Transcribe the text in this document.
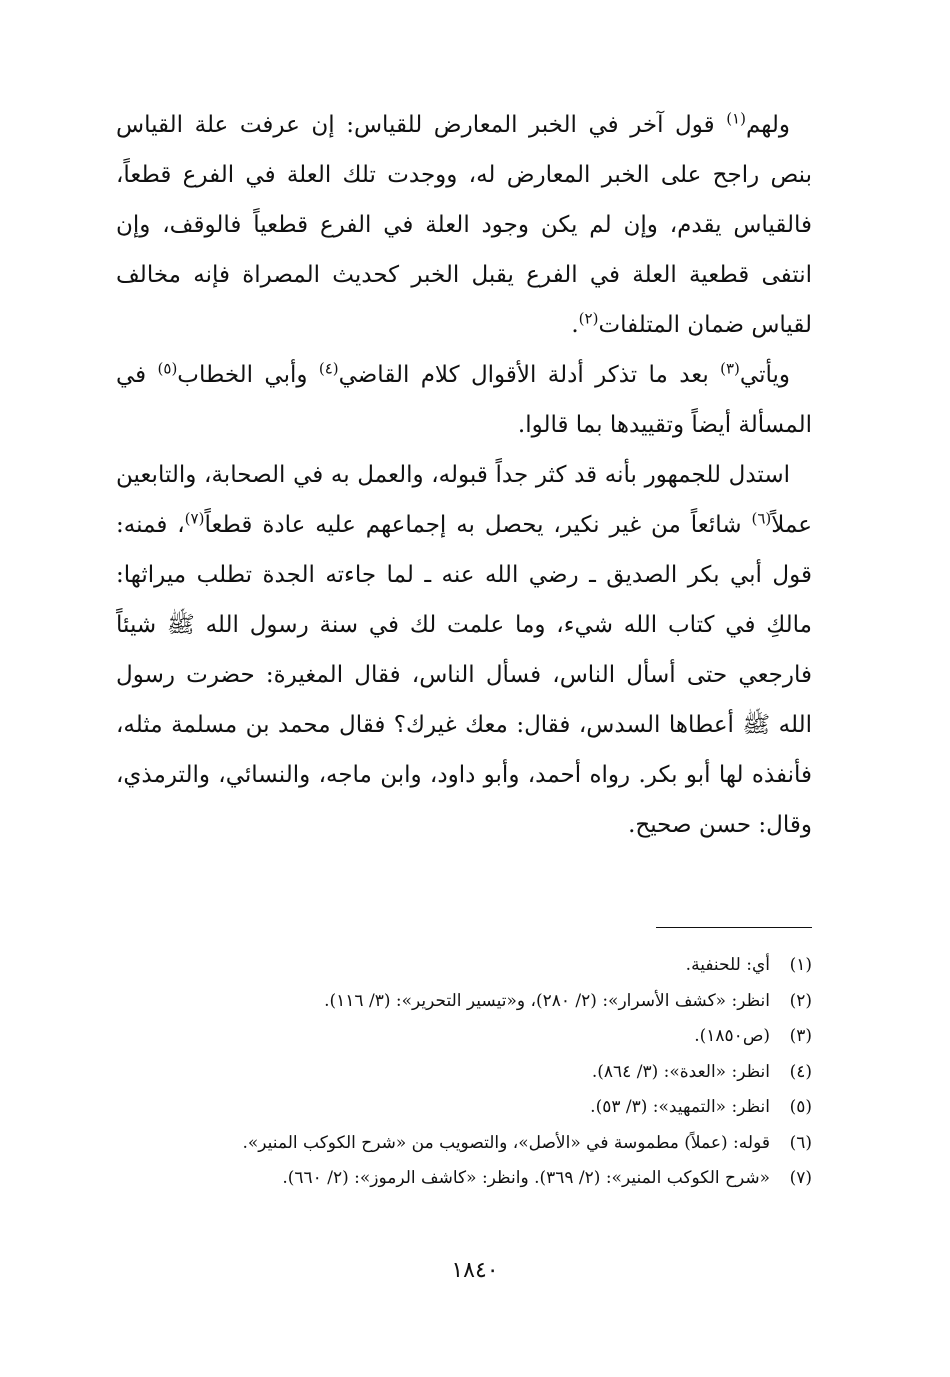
ولهم$^{(١)}$ قول آخر في الخبر المعارض للقياس: إن عرفت علة القياس بنص راجح على الخبر المعارض له، ووجدت تلك العلة في الفرع قطعاً، فالقياس يقدم، وإن لم يكن وجود العلة في الفرع قطعياً فالوقف، وإن انتفى قطعية العلة في الفرع يقبل الخبر كحديث المصراة فإنه مخالف لقياس ضمان المتلفات$^{(٢)}$.

ويأتي$^{(٣)}$ بعد ما تذكر أدلة الأقوال كلام القاضي$^{(٤)}$ وأبي الخطاب$^{(٥)}$ في المسألة أيضاً وتقييدها بما قالوا.

استدل للجمهور بأنه قد كثر جداً قبوله، والعمل به في الصحابة، والتابعين عملاً$^{(٦)}$ شائعاً من غير نكير، يحصل به إجماعهم عليه عادة قطعاً$^{(٧)}$، فمنه: قول أبي بكر الصديق ـ رضي الله عنه ـ لما جاءته الجدة تطلب ميراثها: مالكِ في كتاب الله شيء، وما علمت لك في سنة رسول الله ﷺ شيئاً فارجعي حتى أسأل الناس، فسأل الناس، فقال المغيرة: حضرت رسول الله ﷺ أعطاها السدس، فقال: معك غيرك؟ فقال محمد بن مسلمة مثله، فأنفذه لها أبو بكر. رواه أحمد، وأبو داود، وابن ماجه، والنسائي، والترمذي، وقال: حسن صحيح.

(١)
أي: للحنفية.
(٢)
انظر: «كشف الأسرار»: (٢/ ٢٨٠)، و«تيسير التحرير»: (٣/ ١١٦).
(٣)
(ص١٨٥٠).
(٤)
انظر: «العدة»: (٣/ ٨٦٤).
(٥)
انظر: «التمهيد»: (٣/ ٥٣).
(٦)
قوله: (عملاً) مطموسة في «الأصل»، والتصويب من «شرح الكوكب المنير».
(٧)
«شرح الكوكب المنير»: (٢/ ٣٦٩). وانظر: «كاشف الرموز»: (٢/ ٦٦٠).
١٨٤٠
